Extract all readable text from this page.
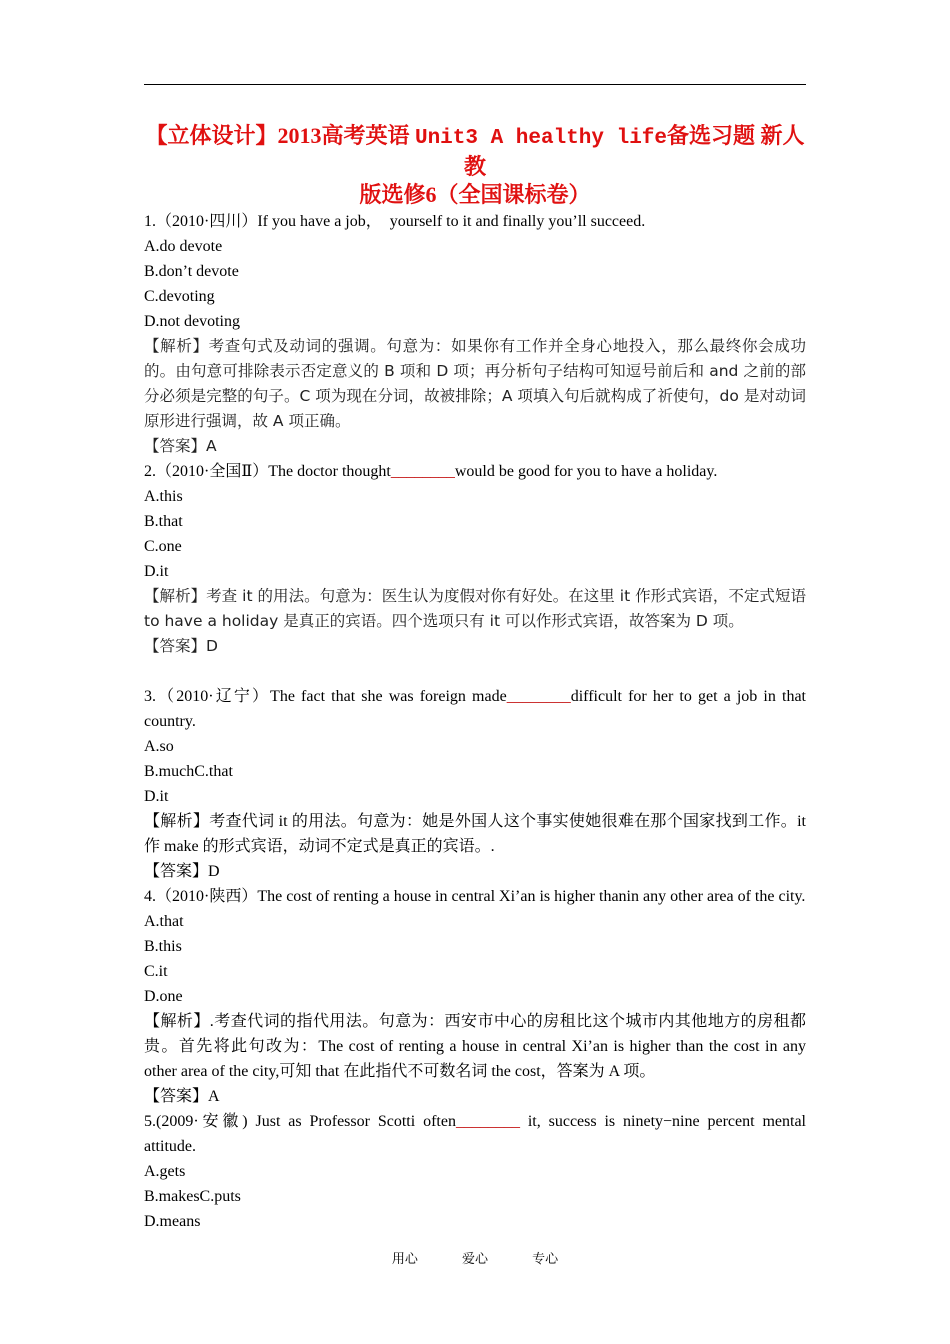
【立体设计】2013高考英语 Unit3 A healthy life备选习题 新人教
版选修6（全国课标卷）
1.（2010·四川）If you have a job，  yourself to it and finally you’ll succeed.
A.do devote
B.don’t devote
C.devoting
D.not devoting
【解析】考查句式及动词的强调。句意为：如果你有工作并全身心地投入，那么最终你会成功的。由句意可排除表示否定意义的 B 项和 D 项；再分析句子结构可知逗号前后和 and 之前的部分必须是完整的句子。C 项为现在分词，故被排除；A 项填入句后就构成了祈使句，do 是对动词原形进行强调，故 A 项正确。
【答案】A
2.（2010·全国Ⅱ）The doctor thought________would be good for you to have a holiday.
A.this
B.that
C.one
D.it
【解析】考查 it 的用法。句意为：医生认为度假对你有好处。在这里 it 作形式宾语，不定式短语 to have a holiday 是真正的宾语。四个选项只有 it 可以作形式宾语，故答案为 D 项。
【答案】D
3.（2010·辽宁）The fact that she was foreign made________difficult for her to get a job in that country.
A.so
B.muchC.that
D.it
【解析】考查代词 it 的用法。句意为：她是外国人这个事实使她很难在那个国家找到工作。it 作 make 的形式宾语，动词不定式是真正的宾语。.
【答案】D
4.（2010·陕西）The cost of renting a house in central Xi’an is higher thanin any other area of the city.
A.that
B.this
C.it
D.one
【解析】.考查代词的指代用法。句意为：西安市中心的房租比这个城市内其他地方的房租都贵。首先将此句改为：The cost of renting a house in central Xi’an is higher than the cost in any other area of the city,可知 that 在此指代不可数名词 the cost，答案为 A 项。
【答案】A
5.(2009·安徽) Just as Professor Scotti often________ it, success is ninety−nine percent mental attitude.
A.gets
B.makesC.puts
D.means
用心	爱心	专心
